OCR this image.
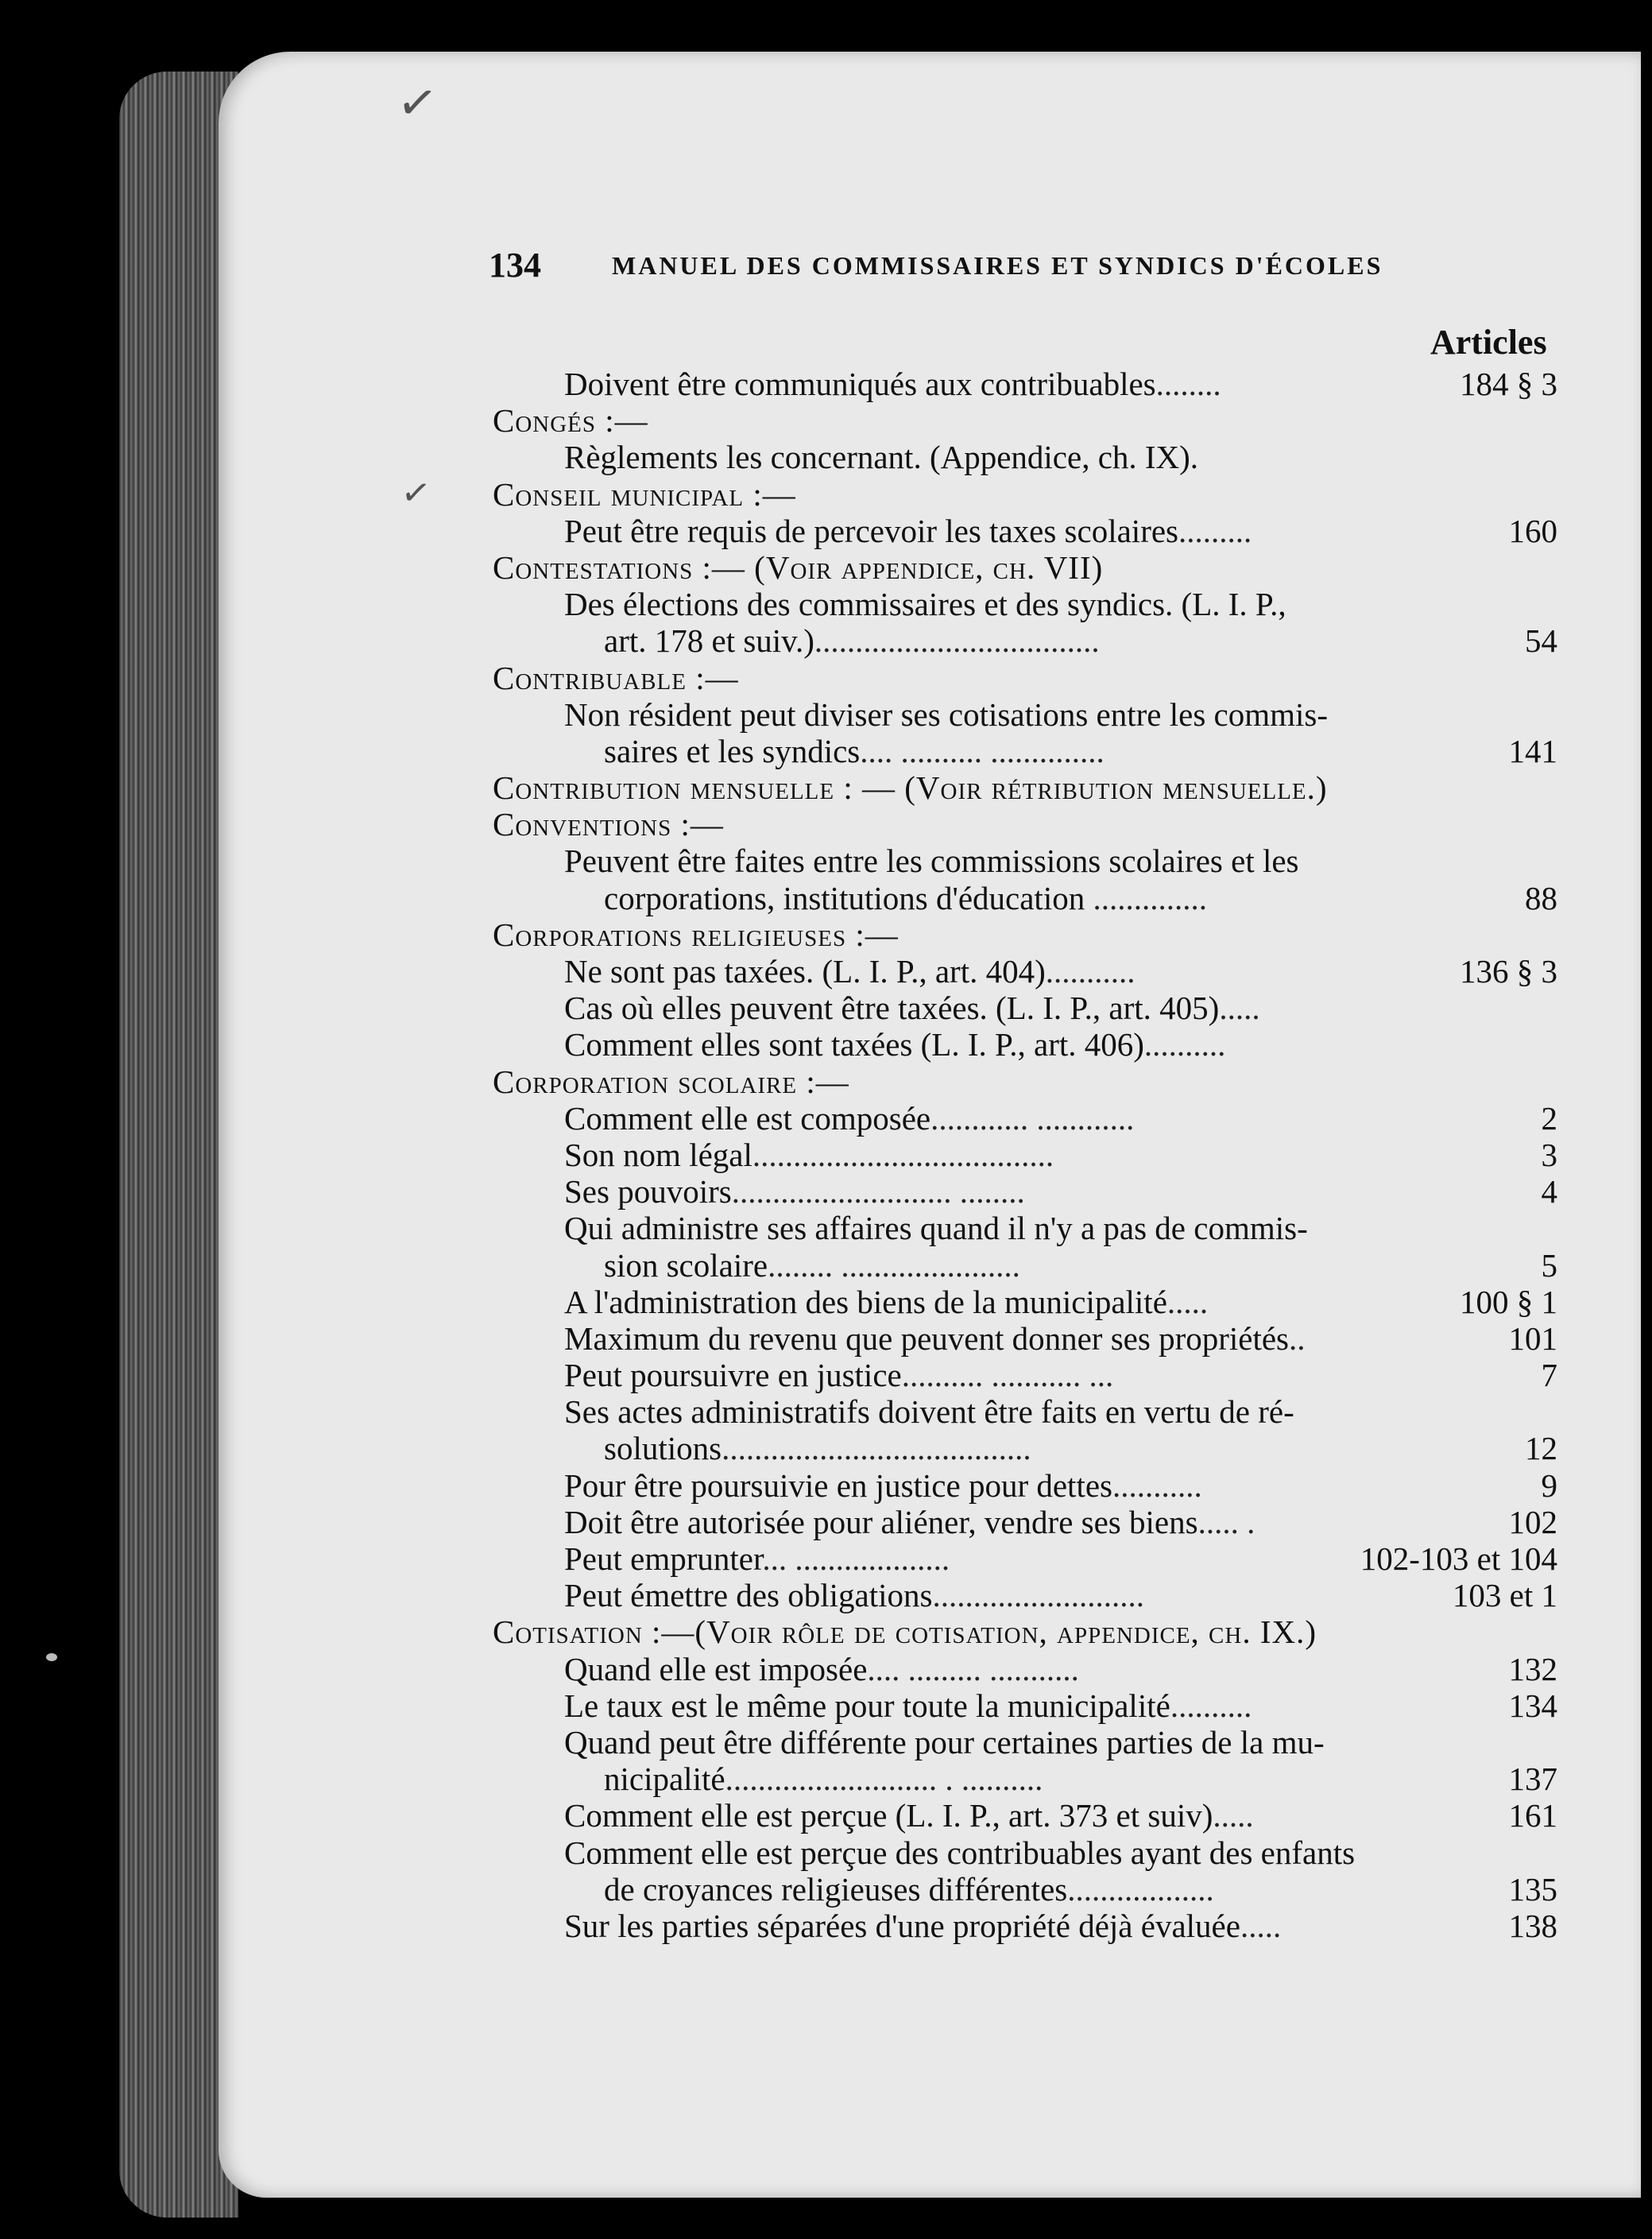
✓
✓
134	MANUEL DES COMMISSAIRES ET SYNDICS D'ÉCOLES
Articles
Doivent être communiqués aux contribuables........	184 § 3
Congés :—
Règlements les concernant. (Appendice, ch. IX).
Conseil municipal :—
Peut être requis de percevoir les taxes scolaires.........	160
Contestations :— (Voir appendice, ch. VII)
Des élections des commissaires et des syndics. (L. I. P.,
art. 178 et suiv.)...................................	54
Contribuable :—
Non résident peut diviser ses cotisations entre les commis-
saires et les syndics.... .......... ..............	141
Contribution mensuelle : — (Voir rétribution mensuelle.)
Conventions :—
Peuvent être faites entre les commissions scolaires et les
corporations, institutions d'éducation ..............	88
Corporations religieuses :—
Ne sont pas taxées. (L. I. P., art. 404)...........	136 § 3
Cas où elles peuvent être taxées. (L. I. P., art. 405).....
Comment elles sont taxées (L. I. P., art. 406)..........
Corporation scolaire :—
Comment elle est composée............ ............	2
Son nom légal.....................................	3
Ses pouvoirs........................... ........	4
Qui administre ses affaires quand il n'y a pas de commis-
sion scolaire........ ......................	5
A l'administration des biens de la municipalité.....	100 § 1
Maximum du revenu que peuvent donner ses propriétés..	101
Peut poursuivre en justice.......... ........... ...	7
Ses actes administratifs doivent être faits en vertu de ré-
solutions......................................	12
Pour être poursuivie en justice pour dettes...........	9
Doit être autorisée pour aliéner, vendre ses biens..... .	102
Peut emprunter... ...................	102-103 et 104
Peut émettre des obligations..........................	103 et 1
Cotisation :—(Voir rôle de cotisation, appendice, ch. IX.)
Quand elle est imposée.... ......... ...........	132
Le taux est le même pour toute la municipalité..........	134
Quand peut être différente pour certaines parties de la mu-
nicipalité.......................... . ..........	137
Comment elle est perçue (L. I. P., art. 373 et suiv).....	161
Comment elle est perçue des contribuables ayant des enfants
de croyances religieuses différentes..................	135
Sur les parties séparées d'une propriété déjà évaluée.....	138
